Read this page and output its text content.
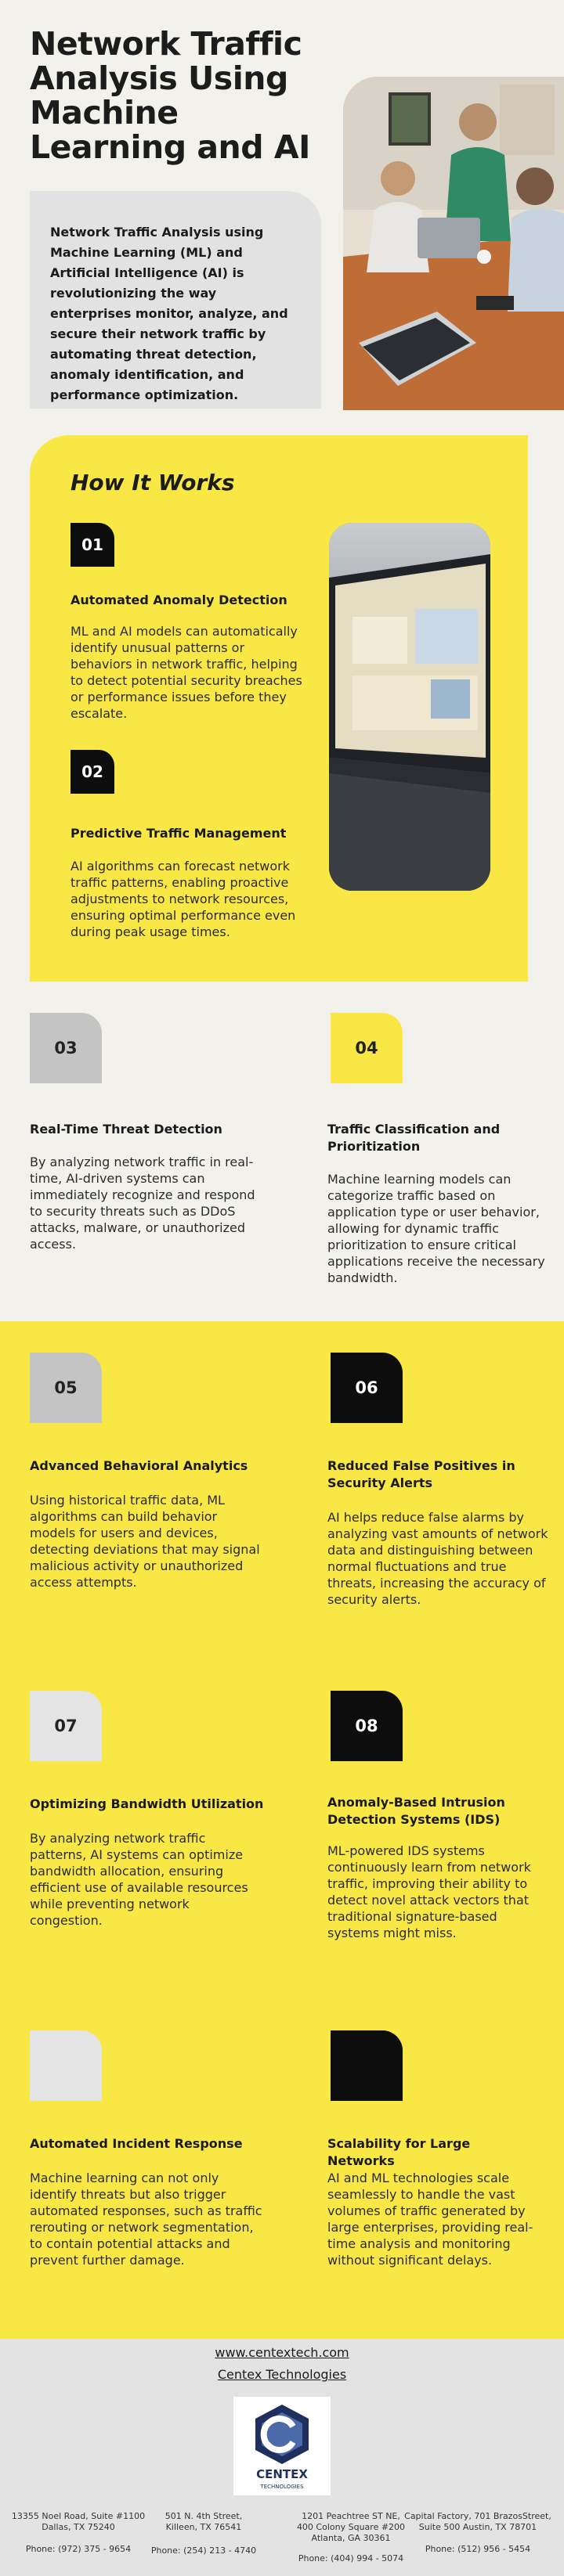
Network Traffic Analysis Using Machine Learning and AI
Network Traffic Analysis using Machine Learning (ML) and Artificial Intelligence (AI) is revolutionizing the way enterprises monitor, analyze, and secure their network traffic by automating threat detection, anomaly identification, and performance optimization.
How It Works
01
Automated Anomaly Detection
ML and AI models can automatically identify unusual patterns or behaviors in network traffic, helping to detect potential security breaches or performance issues before they escalate.
02
Predictive Traffic Management
AI algorithms can forecast network traffic patterns, enabling proactive adjustments to network resources, ensuring optimal performance even during peak usage times.
03
Real-Time Threat Detection
By analyzing network traffic in real-time, AI-driven systems can immediately recognize and respond to security threats such as DDoS attacks, malware, or unauthorized access.
04
Traffic Classification and Prioritization
Machine learning models can categorize traffic based on application type or user behavior, allowing for dynamic traffic prioritization to ensure critical applications receive the necessary bandwidth.
05
Advanced Behavioral Analytics
Using historical traffic data, ML algorithms can build behavior models for users and devices, detecting deviations that may signal malicious activity or unauthorized access attempts.
06
Reduced False Positives in Security Alerts
AI helps reduce false alarms by analyzing vast amounts of network data and distinguishing between normal fluctuations and true threats, increasing the accuracy of security alerts.
07
Optimizing Bandwidth Utilization
By analyzing network traffic patterns, AI systems can optimize bandwidth allocation, ensuring efficient use of available resources while preventing network congestion.
08
Anomaly-Based Intrusion Detection Systems (IDS)
ML-powered IDS systems continuously learn from network traffic, improving their ability to detect novel attack vectors that traditional signature-based systems might miss.
Automated Incident Response
Machine learning can not only identify threats but also trigger automated responses, such as traffic rerouting or network segmentation, to contain potential attacks and prevent further damage.
Scalability for Large Networks
AI and ML technologies scale seamlessly to handle the vast volumes of traffic generated by large enterprises, providing real-time analysis and monitoring without significant delays.
www.centextech.com
Centex Technologies
CENTEX
TECHNOLOGIES
13355 Noel Road, Suite #1100
Dallas, TX 75240
Phone: (972) 375 - 9654
501 N. 4th Street,
Killeen, TX 76541
Phone: (254) 213 - 4740
1201 Peachtree ST NE,
400 Colony Square #200
Atlanta, GA 30361
Phone: (404) 994 - 5074
Capital Factory, 701 BrazosStreet,
Suite 500 Austin, TX 78701
Phone: (512) 956 - 5454
